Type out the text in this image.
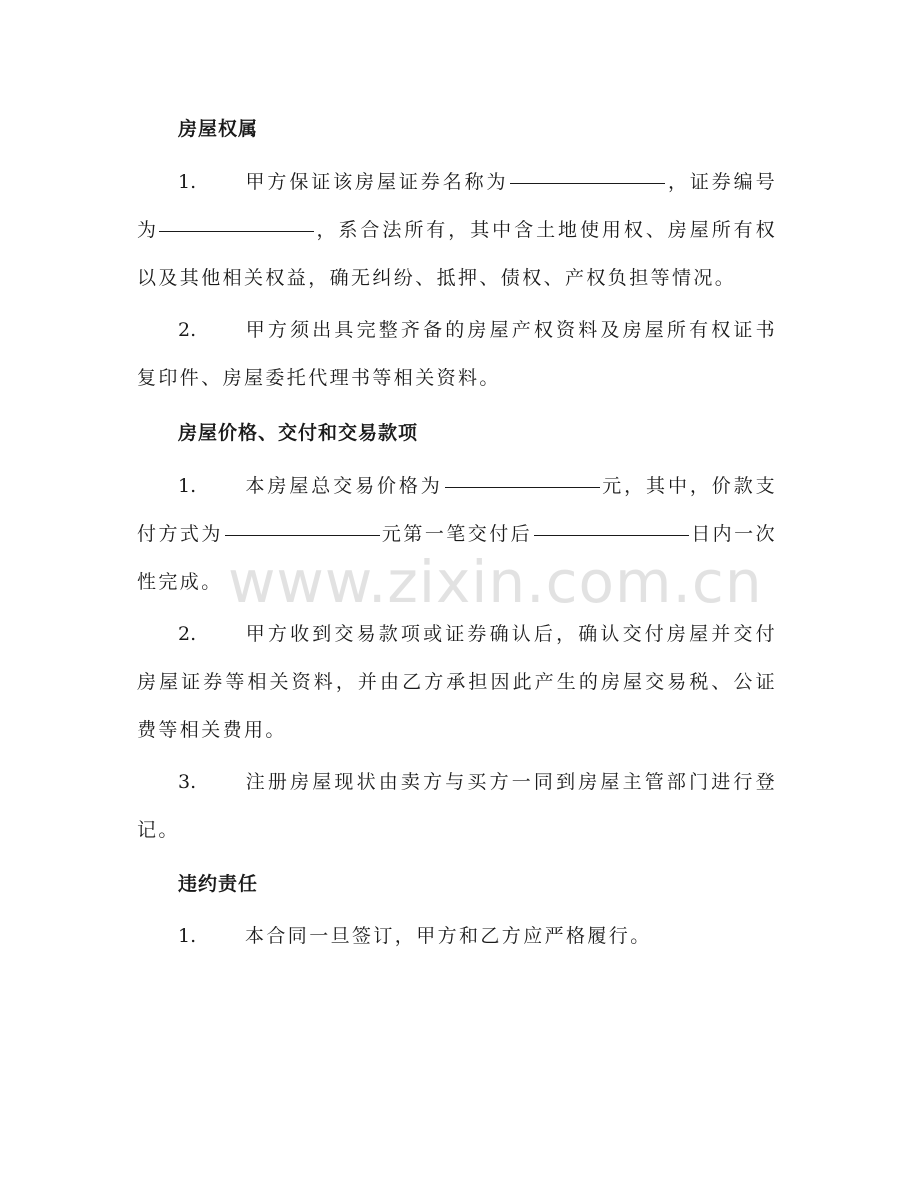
房屋权属
1.	甲方保证该房屋证券名称为	，证券编号为	，系合法所有，其中含土地使用权、房屋所有权以及其他相关权益，确无纠纷、抵押、债权、产权负担等情况。
2.	甲方须出具完整齐备的房屋产权资料及房屋所有权证书复印件、房屋委托代理书等相关资料。
房屋价格、交付和交易款项
1.	本房屋总交易价格为	元，其中，价款支付方式为	元第一笔交付后	日内一次性完成。
2.	甲方收到交易款项或证券确认后，确认交付房屋并交付房屋证券等相关资料，并由乙方承担因此产生的房屋交易税、公证费等相关费用。
3.	注册房屋现状由卖方与买方一同到房屋主管部门进行登记。
违约责任
1.	本合同一旦签订，甲方和乙方应严格履行。
www.zixin.com.cn
